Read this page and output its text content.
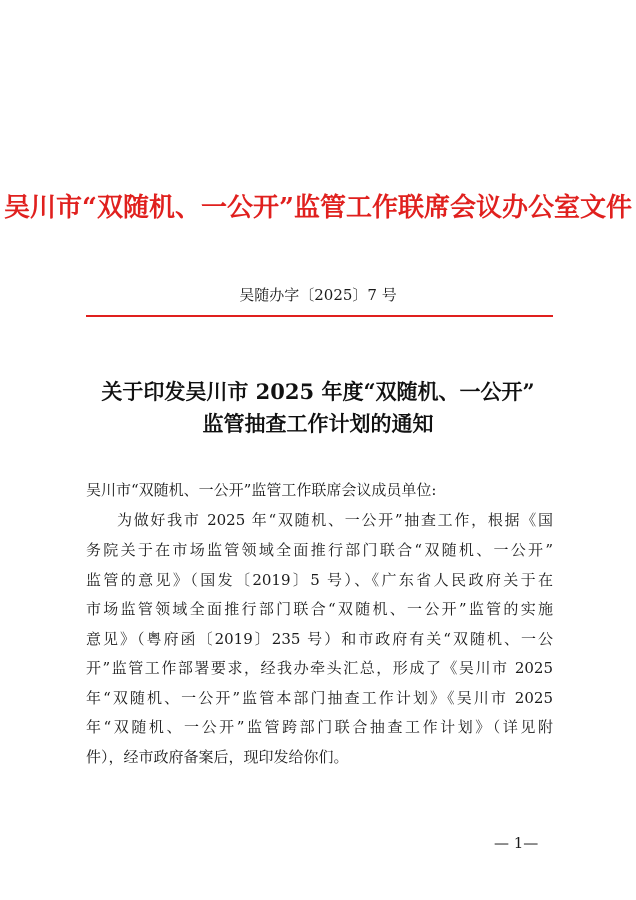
吴川市“双随机、一公开”监管工作联席会议办公室文件
吴随办字〔2025〕7 号
关于印发吴川市 2025 年度“双随机、一公开”
监管抽查工作计划的通知
吴川市“双随机、一公开”监管工作联席会议成员单位:
为做好我市 2025 年“双随机、一公开”抽查工作，根据《国
务院关于在市场监管领域全面推行部门联合“双随机、一公开”
监管的意见》（国发〔2019〕5 号）、《广东省人民政府关于在
市场监管领域全面推行部门联合“双随机、一公开”监管的实施
意见》（粤府函〔2019〕235 号）和市政府有关“双随机、一公
开”监管工作部署要求，经我办牵头汇总，形成了《吴川市 2025
年“双随机、一公开”监管本部门抽查工作计划》《吴川市 2025
年“双随机、一公开”监管跨部门联合抽查工作计划》（详见附
件），经市政府备案后，现印发给你们。
— 1—
